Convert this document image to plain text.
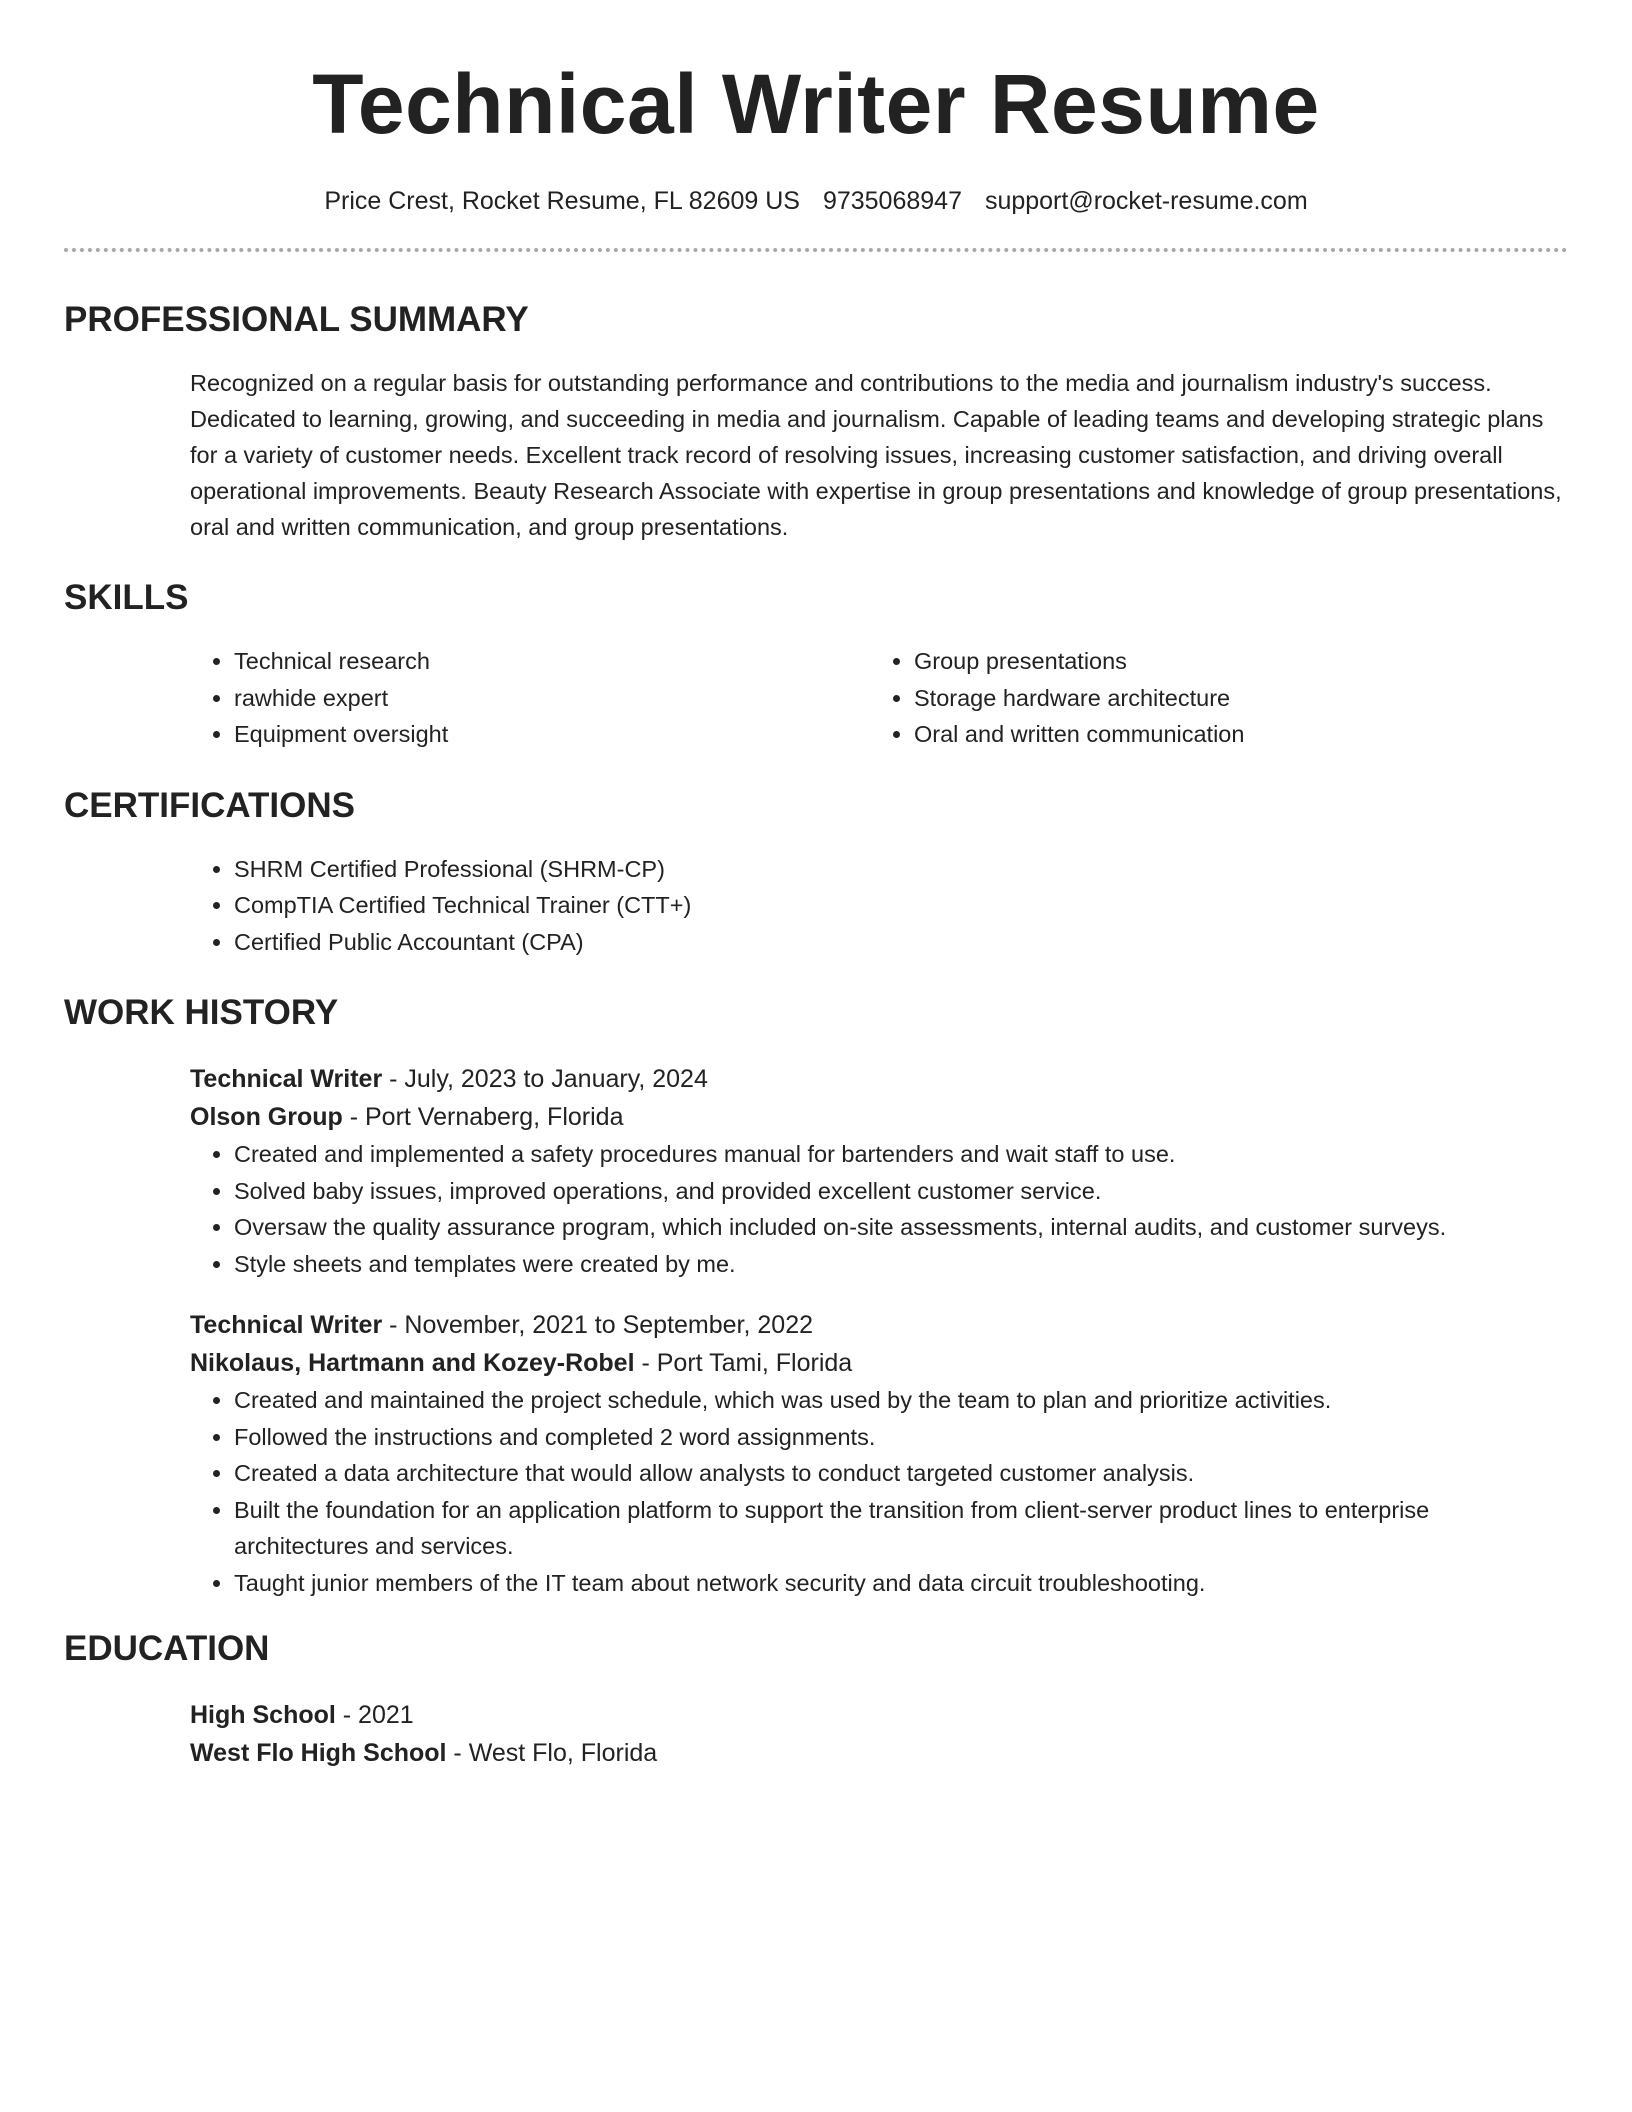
Technical Writer Resume
Price Crest, Rocket Resume, FL 82609 US 9735068947 support@rocket-resume.com
PROFESSIONAL SUMMARY
Recognized on a regular basis for outstanding performance and contributions to the media and journalism industry's success. Dedicated to learning, growing, and succeeding in media and journalism. Capable of leading teams and developing strategic plans for a variety of customer needs. Excellent track record of resolving issues, increasing customer satisfaction, and driving overall operational improvements. Beauty Research Associate with expertise in group presentations and knowledge of group presentations, oral and written communication, and group presentations.
SKILLS
• Technical research
• rawhide expert
• Equipment oversight
• Group presentations
• Storage hardware architecture
• Oral and written communication
CERTIFICATIONS
• SHRM Certified Professional (SHRM-CP)
• CompTIA Certified Technical Trainer (CTT+)
• Certified Public Accountant (CPA)
WORK HISTORY
Technical Writer - July, 2023 to January, 2024
Olson Group - Port Vernaberg, Florida
• Created and implemented a safety procedures manual for bartenders and wait staff to use.
• Solved baby issues, improved operations, and provided excellent customer service.
• Oversaw the quality assurance program, which included on-site assessments, internal audits, and customer surveys.
• Style sheets and templates were created by me.
Technical Writer - November, 2021 to September, 2022
Nikolaus, Hartmann and Kozey-Robel - Port Tami, Florida
• Created and maintained the project schedule, which was used by the team to plan and prioritize activities.
• Followed the instructions and completed 2 word assignments.
• Created a data architecture that would allow analysts to conduct targeted customer analysis.
• Built the foundation for an application platform to support the transition from client-server product lines to enterprise architectures and services.
• Taught junior members of the IT team about network security and data circuit troubleshooting.
EDUCATION
High School - 2021
West Flo High School - West Flo, Florida
